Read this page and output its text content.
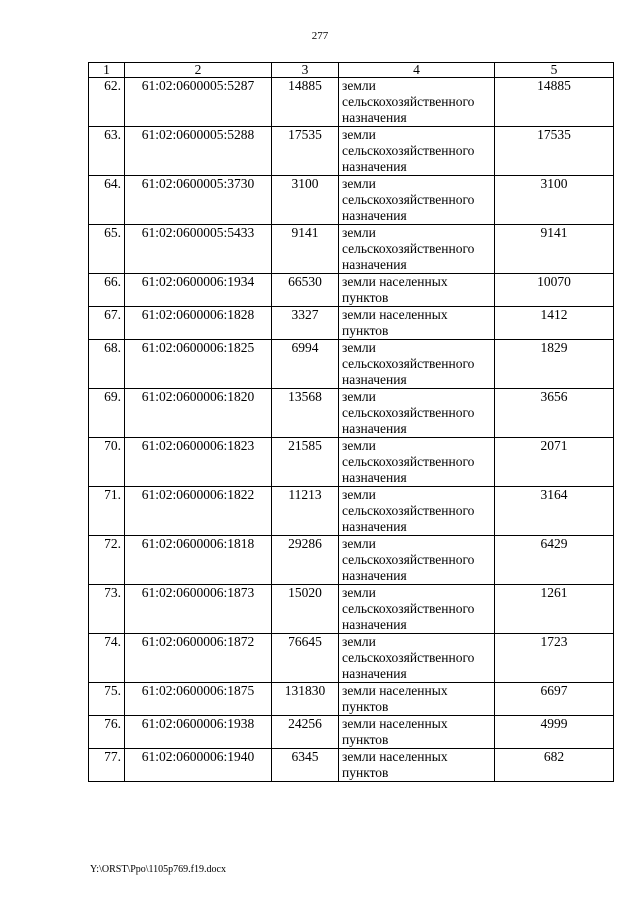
277
1	2	3	4	5
62.	61:02:0600005:5287	14885	земли сельскохозяйственного назначения	14885
63.	61:02:0600005:5288	17535	земли сельскохозяйственного назначения	17535
64.	61:02:0600005:3730	3100	земли сельскохозяйственного назначения	3100
65.	61:02:0600005:5433	9141	земли сельскохозяйственного назначения	9141
66.	61:02:0600006:1934	66530	земли населенных пунктов	10070
67.	61:02:0600006:1828	3327	земли населенных пунктов	1412
68.	61:02:0600006:1825	6994	земли сельскохозяйственного назначения	1829
69.	61:02:0600006:1820	13568	земли сельскохозяйственного назначения	3656
70.	61:02:0600006:1823	21585	земли сельскохозяйственного назначения	2071
71.	61:02:0600006:1822	11213	земли сельскохозяйственного назначения	3164
72.	61:02:0600006:1818	29286	земли сельскохозяйственного назначения	6429
73.	61:02:0600006:1873	15020	земли сельскохозяйственного назначения	1261
74.	61:02:0600006:1872	76645	земли сельскохозяйственного назначения	1723
75.	61:02:0600006:1875	131830	земли населенных пунктов	6697
76.	61:02:0600006:1938	24256	земли населенных пунктов	4999
77.	61:02:0600006:1940	6345	земли населенных пунктов	682
Y:\ORST\Ppo\1105p769.f19.docx
